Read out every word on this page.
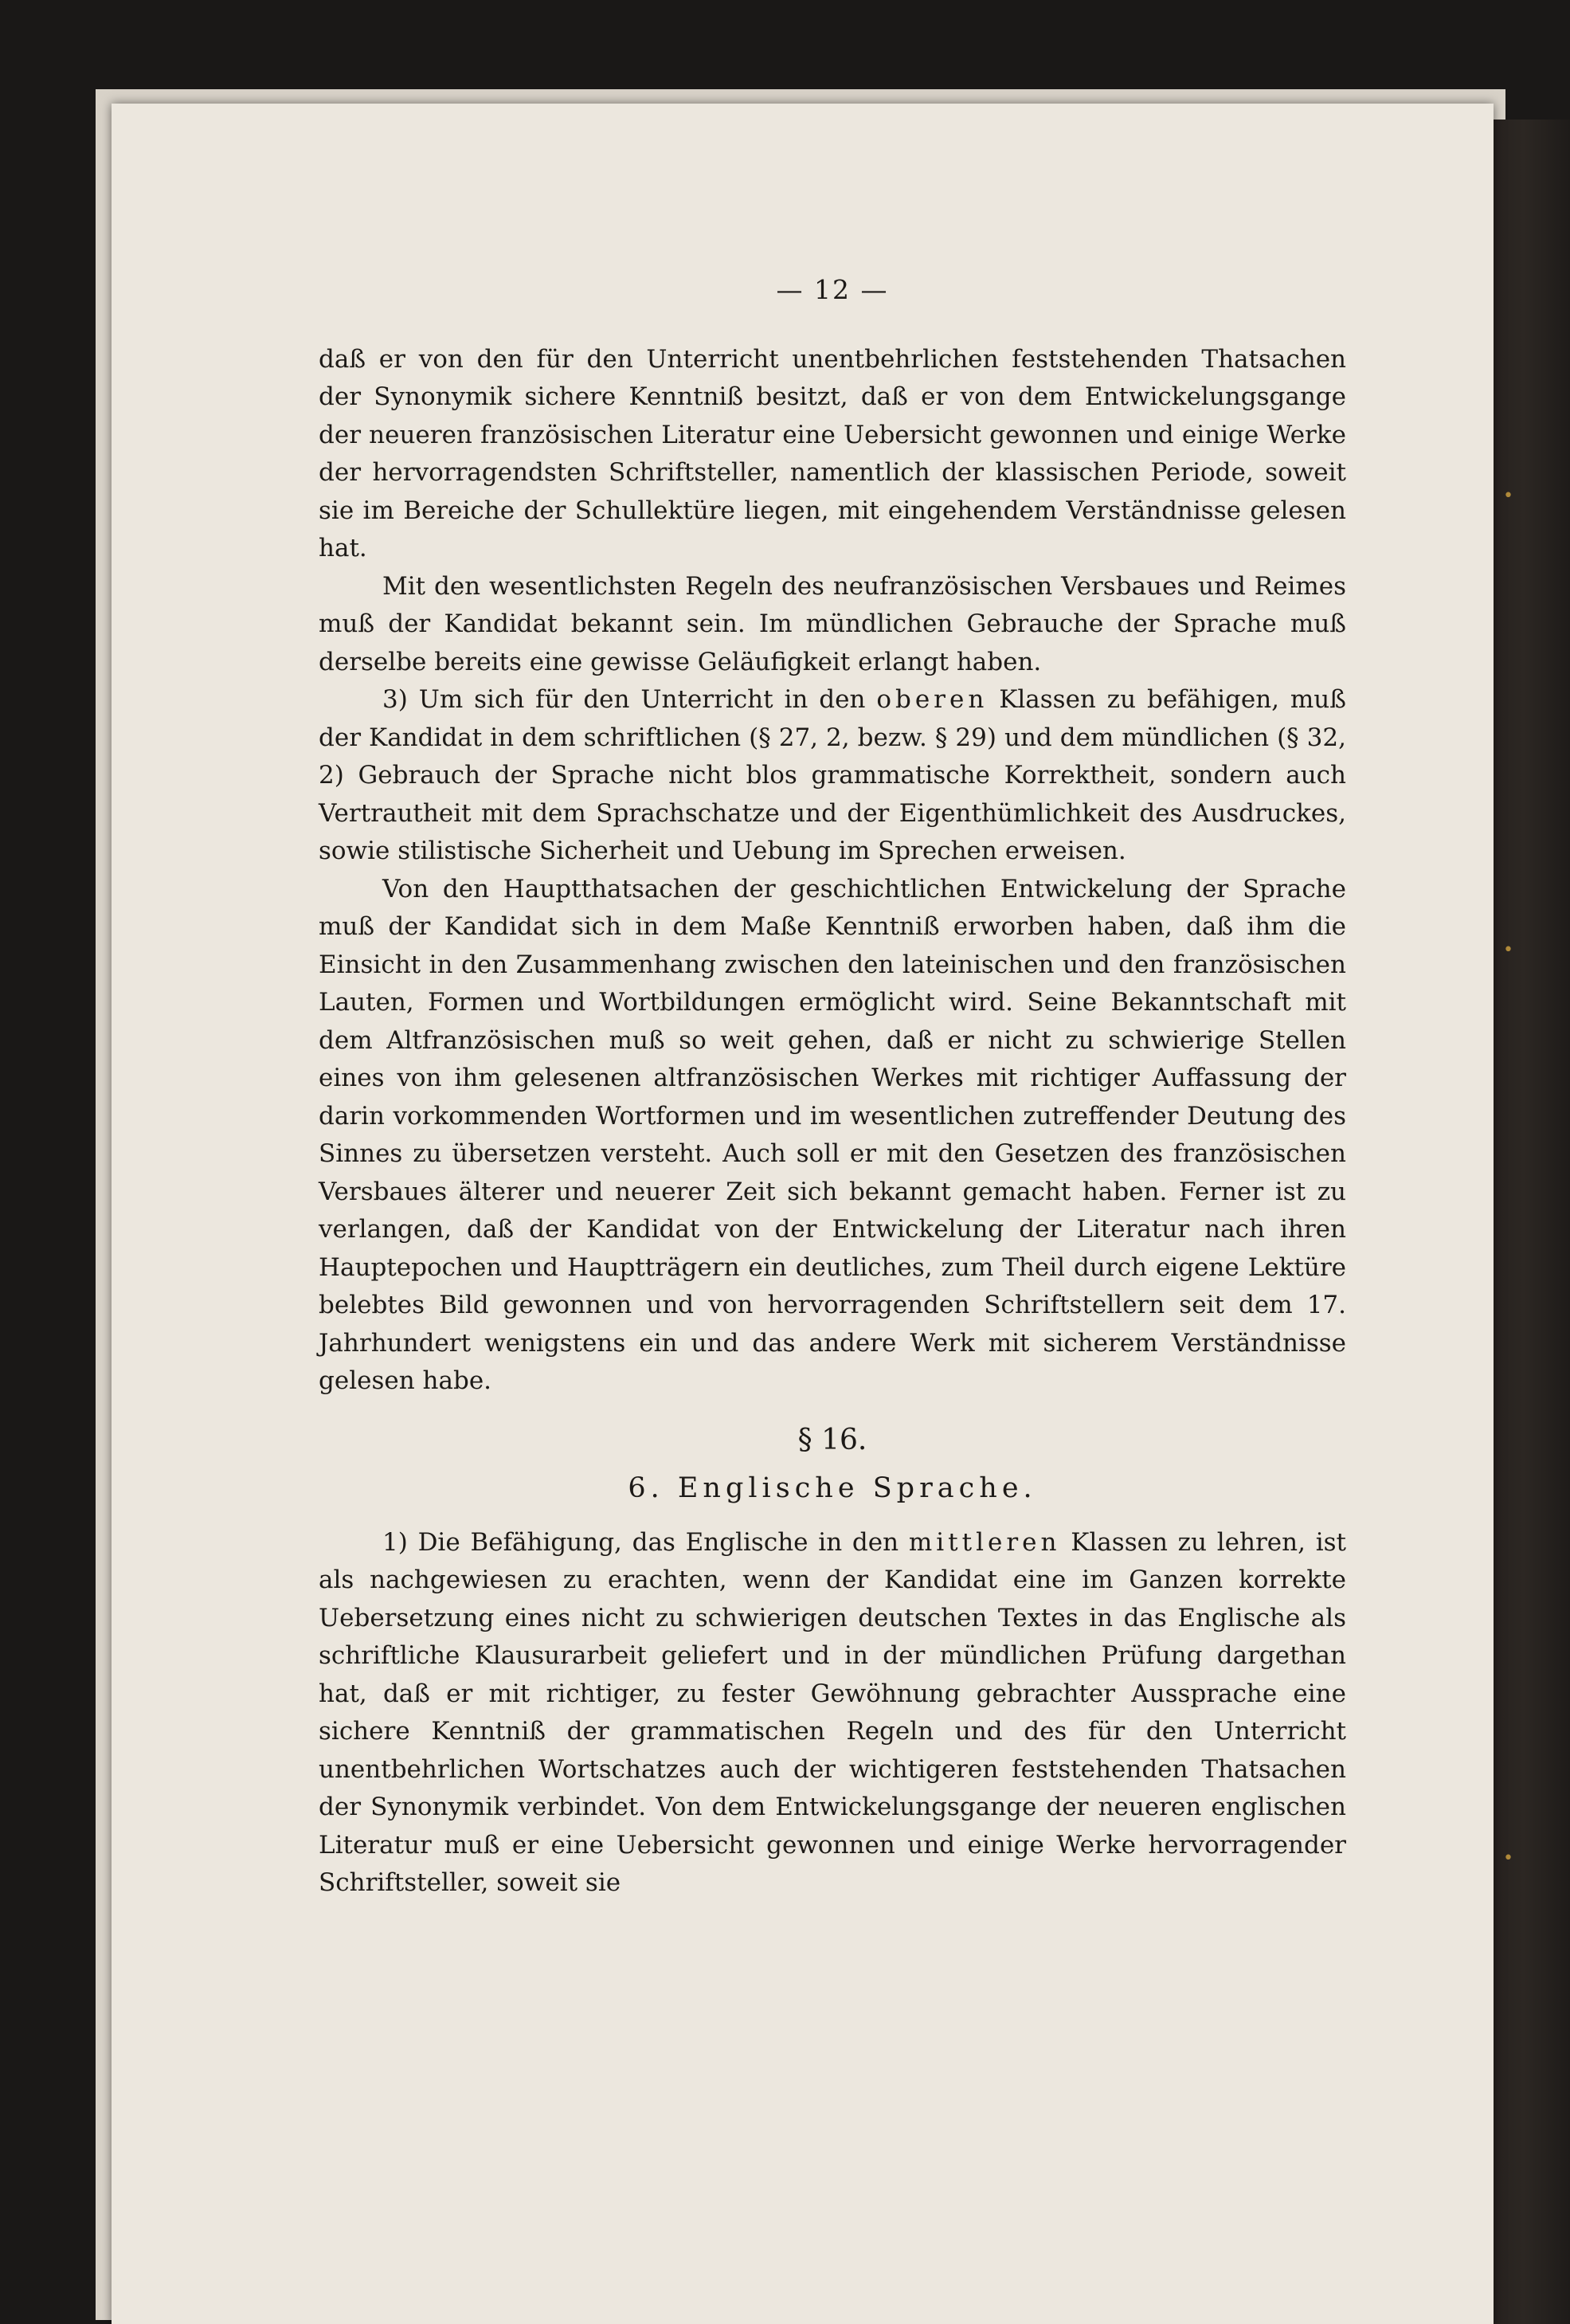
•
•
•
— 12 —

daß er von den für den Unterricht unentbehrlichen feststehenden Thatsachen der Synonymik sichere Kenntniß besitzt, daß er von dem Entwickelungsgange der neueren französischen Literatur eine Uebersicht gewonnen und einige Werke der hervorragendsten Schriftsteller, namentlich der klassischen Periode, soweit sie im Bereiche der Schullektüre liegen, mit eingehendem Verständnisse gelesen hat.

Mit den wesentlichsten Regeln des neufranzösischen Versbaues und Reimes muß der Kandidat bekannt sein. Im mündlichen Gebrauche der Sprache muß derselbe bereits eine gewisse Geläufigkeit erlangt haben.

3) Um sich für den Unterricht in den oberen Klassen zu befähigen, muß der Kandidat in dem schriftlichen (§ 27, 2, bezw. § 29) und dem mündlichen (§ 32, 2) Gebrauch der Sprache nicht blos grammatische Korrektheit, sondern auch Vertrautheit mit dem Sprachschatze und der Eigenthümlichkeit des Ausdruckes, sowie stilistische Sicherheit und Uebung im Sprechen erweisen.

Von den Hauptthatsachen der geschichtlichen Entwickelung der Sprache muß der Kandidat sich in dem Maße Kenntniß erworben haben, daß ihm die Einsicht in den Zusammenhang zwischen den lateinischen und den französischen Lauten, Formen und Wortbildungen ermöglicht wird. Seine Bekanntschaft mit dem Altfranzösischen muß so weit gehen, daß er nicht zu schwierige Stellen eines von ihm gelesenen altfranzösischen Werkes mit richtiger Auffassung der darin vorkommenden Wortformen und im wesentlichen zutreffender Deutung des Sinnes zu übersetzen versteht. Auch soll er mit den Gesetzen des französischen Versbaues älterer und neuerer Zeit sich bekannt gemacht haben. Ferner ist zu verlangen, daß der Kandidat von der Entwickelung der Literatur nach ihren Hauptepochen und Hauptträgern ein deutliches, zum Theil durch eigene Lektüre belebtes Bild gewonnen und von hervorragenden Schriftstellern seit dem 17. Jahrhundert wenigstens ein und das andere Werk mit sicherem Verständnisse gelesen habe.

§ 16.
6. Englische Sprache.

1) Die Befähigung, das Englische in den mittleren Klassen zu lehren, ist als nachgewiesen zu erachten, wenn der Kandidat eine im Ganzen korrekte Uebersetzung eines nicht zu schwierigen deutschen Textes in das Englische als schriftliche Klausurarbeit geliefert und in der mündlichen Prüfung dargethan hat, daß er mit richtiger, zu fester Gewöhnung gebrachter Aussprache eine sichere Kenntniß der grammatischen Regeln und des für den Unterricht unentbehrlichen Wortschatzes auch der wichtigeren feststehenden Thatsachen der Synonymik verbindet. Von dem Entwickelungsgange der neueren englischen Literatur muß er eine Uebersicht gewonnen und einige Werke hervorragender Schriftsteller, soweit sie
